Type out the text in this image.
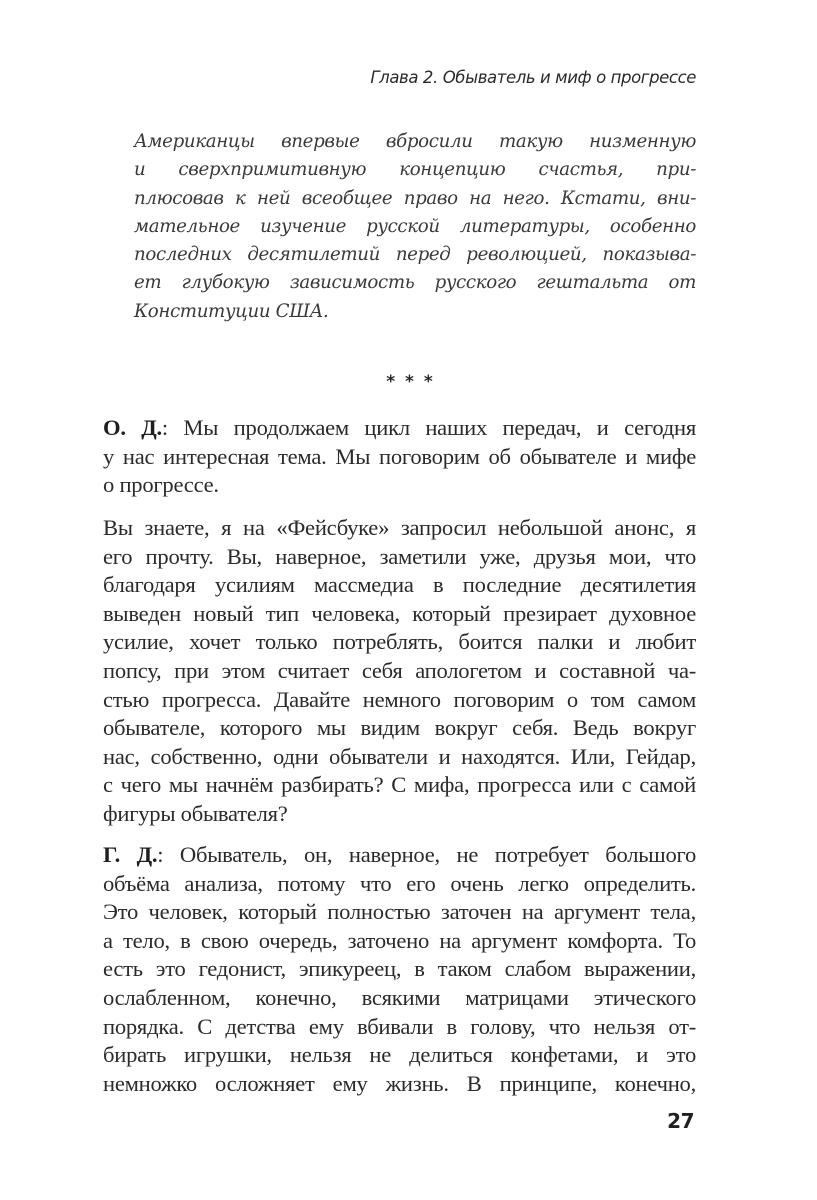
Глава 2. Обыватель и миф о прогрессе
Американцы впервые вбросили такую низменную
и сверхпримитивную концепцию счастья, при-
плюсовав к ней всеобщее право на него. Кстати, вни-
мательное изучение русской литературы, особенно
последних десятилетий перед революцией, показыва-
ет глубокую зависимость русского гештальта от
Конституции США.
* * *
О. Д.: Мы продолжаем цикл наших передач, и сегодня
у нас интересная тема. Мы поговорим об обывателе и мифе
о прогрессе.
Вы знаете, я на «Фейсбуке» запросил небольшой анонс, я
его прочту. Вы, наверное, заметили уже, друзья мои, что
благодаря усилиям массмедиа в последние десятилетия
выведен новый тип человека, который презирает духовное
усилие, хочет только потреблять, боится палки и любит
попсу, при этом считает себя апологетом и составной ча-
стью прогресса. Давайте немного поговорим о том самом
обывателе, которого мы видим вокруг себя. Ведь вокруг
нас, собственно, одни обыватели и находятся. Или, Гейдар,
с чего мы начнём разбирать? С мифа, прогресса или с самой
фигуры обывателя?
Г. Д.: Обыватель, он, наверное, не потребует большого
объёма анализа, потому что его очень легко определить.
Это человек, который полностью заточен на аргумент тела,
а тело, в свою очередь, заточено на аргумент комфорта. То
есть это гедонист, эпикуреец, в таком слабом выражении,
ослабленном, конечно, всякими матрицами этического
порядка. С детства ему вбивали в голову, что нельзя от-
бирать игрушки, нельзя не делиться конфетами, и это
немножко осложняет ему жизнь. В принципе, конечно,
27
